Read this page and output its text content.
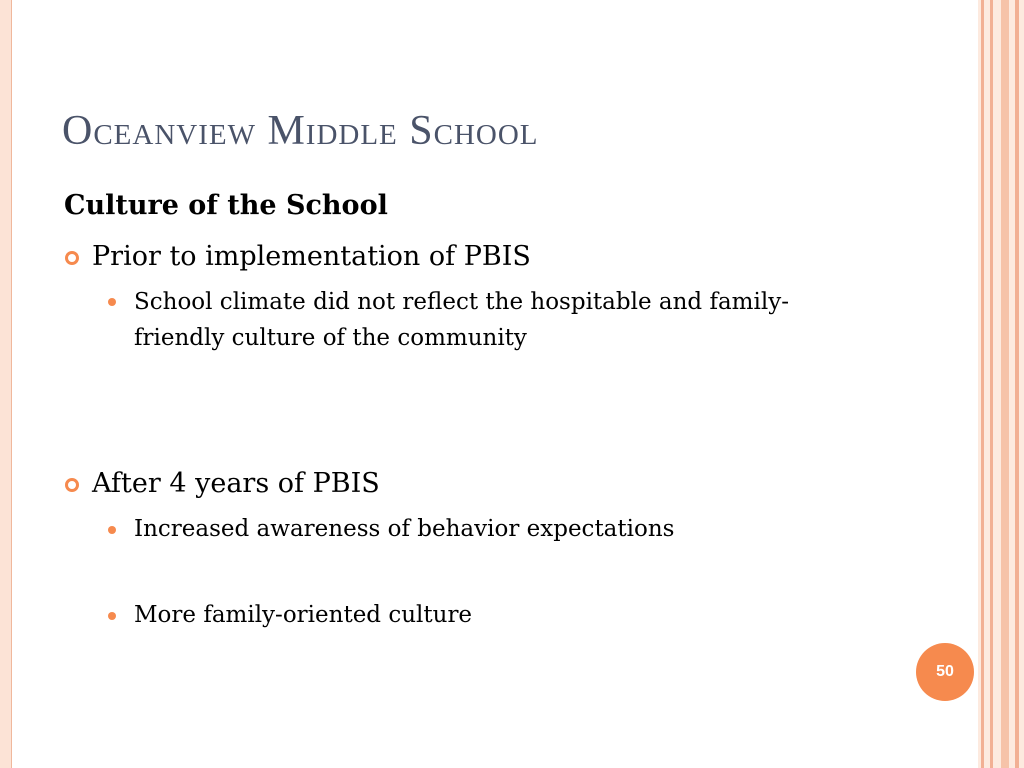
Oceanview Middle School
Culture of the School
Prior to implementation of PBIS
School climate did not reflect the hospitable and family-friendly culture of the community
After 4 years of PBIS
Increased awareness of behavior expectations
More family-oriented culture
50
